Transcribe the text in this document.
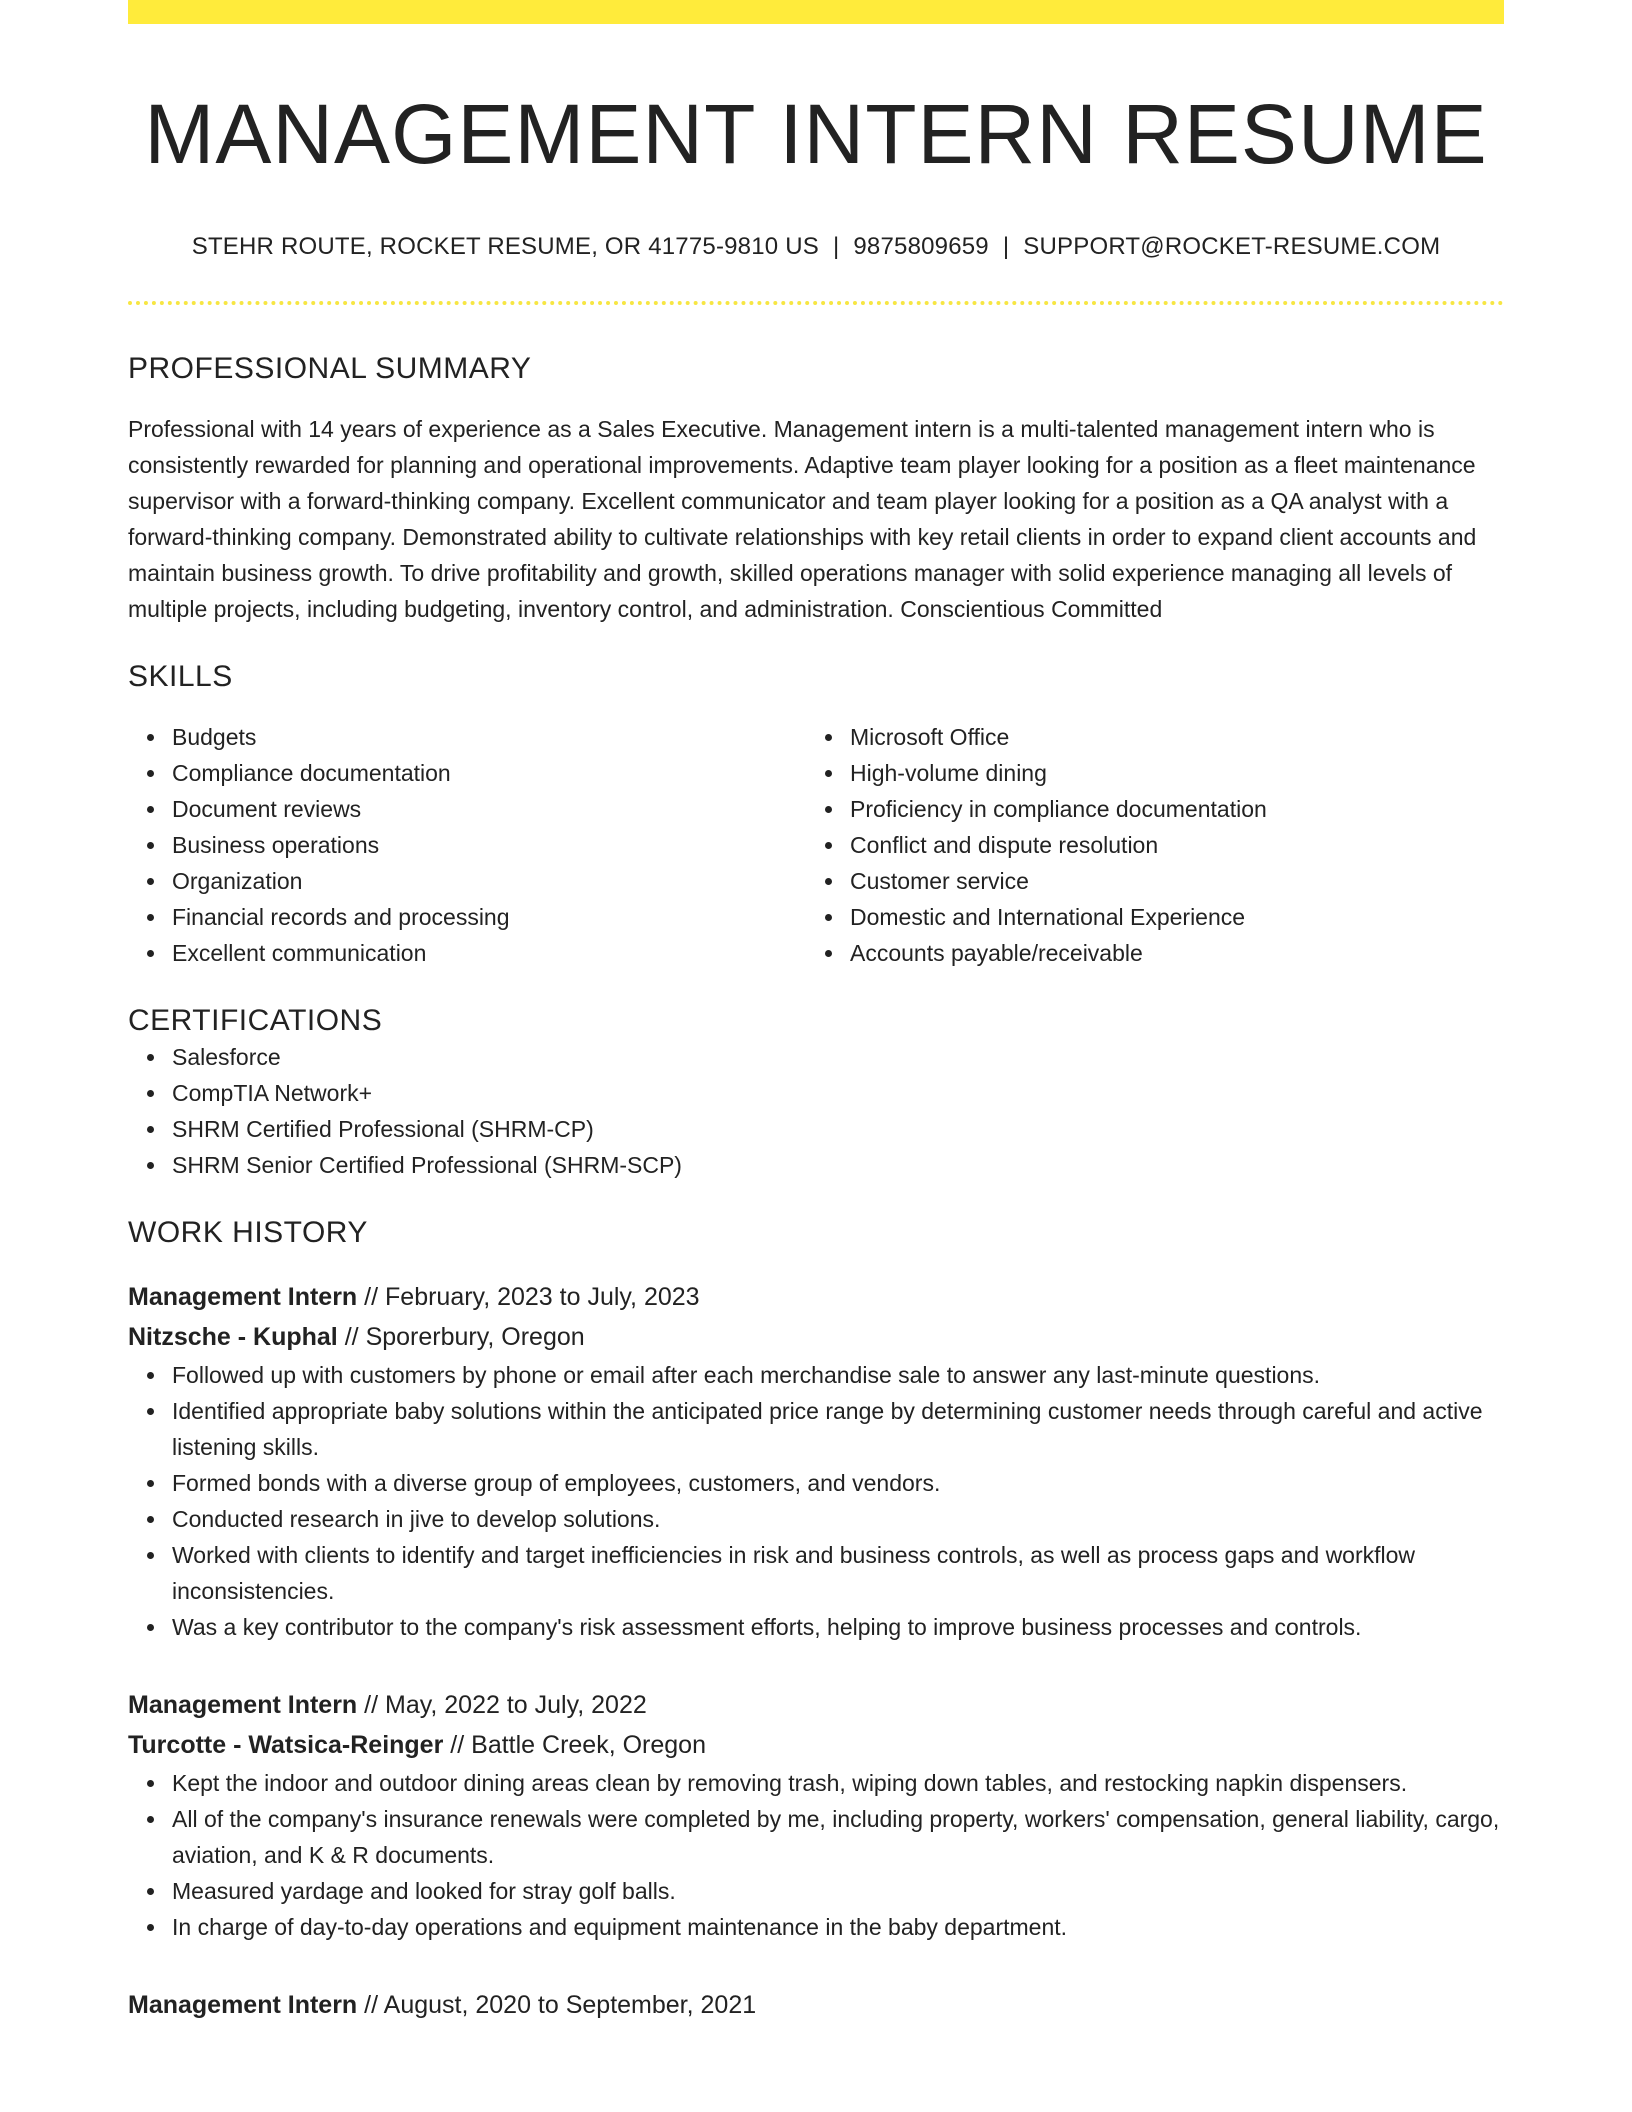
MANAGEMENT INTERN RESUME
STEHR ROUTE, ROCKET RESUME, OR 41775-9810 US | 9875809659 | SUPPORT@ROCKET-RESUME.COM
PROFESSIONAL SUMMARY
Professional with 14 years of experience as a Sales Executive. Management intern is a multi-talented management intern who is consistently rewarded for planning and operational improvements. Adaptive team player looking for a position as a fleet maintenance supervisor with a forward-thinking company. Excellent communicator and team player looking for a position as a QA analyst with a forward-thinking company. Demonstrated ability to cultivate relationships with key retail clients in order to expand client accounts and maintain business growth. To drive profitability and growth, skilled operations manager with solid experience managing all levels of multiple projects, including budgeting, inventory control, and administration. Conscientious Committed
SKILLS
Budgets
Compliance documentation
Document reviews
Business operations
Organization
Financial records and processing
Excellent communication
Microsoft Office
High-volume dining
Proficiency in compliance documentation
Conflict and dispute resolution
Customer service
Domestic and International Experience
Accounts payable/receivable
CERTIFICATIONS
Salesforce
CompTIA Network+
SHRM Certified Professional (SHRM-CP)
SHRM Senior Certified Professional (SHRM-SCP)
WORK HISTORY
Management Intern // February, 2023 to July, 2023
Nitzsche - Kuphal // Sporerbury, Oregon
Followed up with customers by phone or email after each merchandise sale to answer any last-minute questions.
Identified appropriate baby solutions within the anticipated price range by determining customer needs through careful and active listening skills.
Formed bonds with a diverse group of employees, customers, and vendors.
Conducted research in jive to develop solutions.
Worked with clients to identify and target inefficiencies in risk and business controls, as well as process gaps and workflow inconsistencies.
Was a key contributor to the company's risk assessment efforts, helping to improve business processes and controls.
Management Intern // May, 2022 to July, 2022
Turcotte - Watsica-Reinger // Battle Creek, Oregon
Kept the indoor and outdoor dining areas clean by removing trash, wiping down tables, and restocking napkin dispensers.
All of the company's insurance renewals were completed by me, including property, workers' compensation, general liability, cargo, aviation, and K & R documents.
Measured yardage and looked for stray golf balls.
In charge of day-to-day operations and equipment maintenance in the baby department.
Management Intern // August, 2020 to September, 2021
